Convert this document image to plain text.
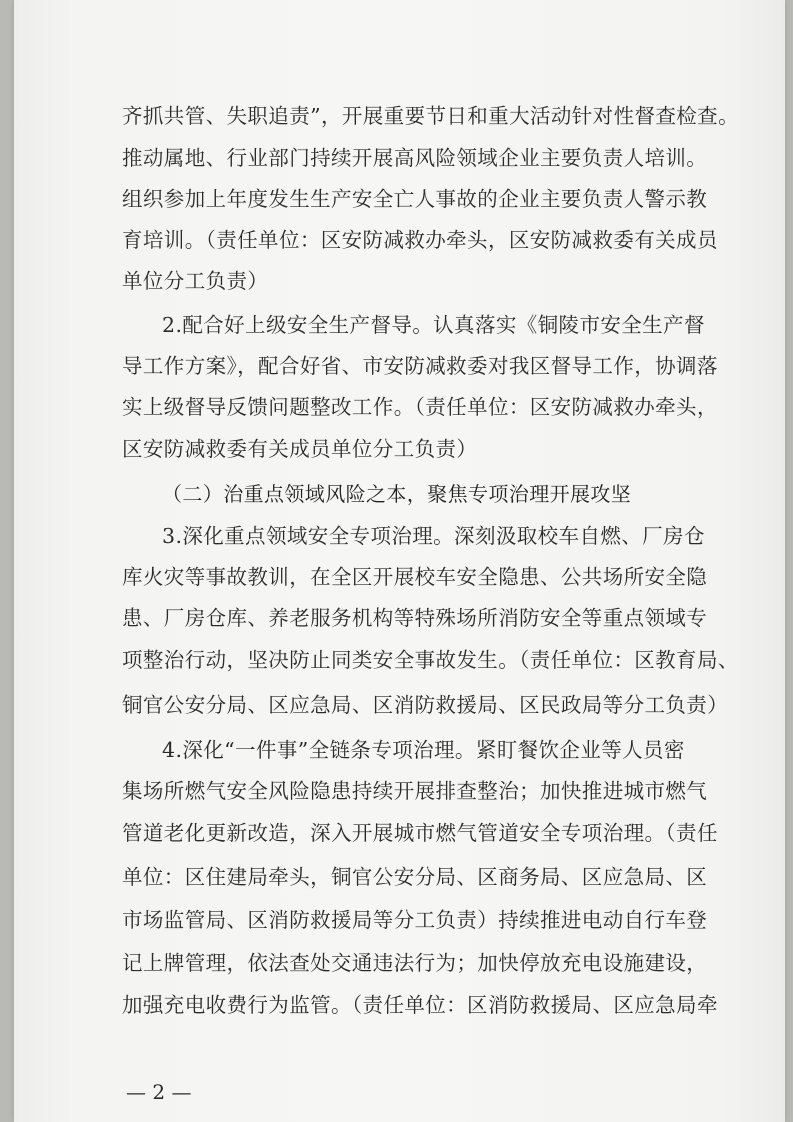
齐抓共管、失职追责”，开展重要节日和重大活动针对性督查检查。
推动属地、行业部门持续开展高风险领域企业主要负责人培训。
组织参加上年度发生生产安全亡人事故的企业主要负责人警示教
育培训。（责任单位：区安防减救办牵头，区安防减救委有关成员
单位分工负责）
2.配合好上级安全生产督导。认真落实《铜陵市安全生产督
导工作方案》，配合好省、市安防减救委对我区督导工作，协调落
实上级督导反馈问题整改工作。（责任单位：区安防减救办牵头，
区安防减救委有关成员单位分工负责）
（二）治重点领域风险之本，聚焦专项治理开展攻坚
3.深化重点领域安全专项治理。深刻汲取校车自燃、厂房仓
库火灾等事故教训，在全区开展校车安全隐患、公共场所安全隐
患、厂房仓库、养老服务机构等特殊场所消防安全等重点领域专
项整治行动，坚决防止同类安全事故发生。（责任单位：区教育局、
铜官公安分局、区应急局、区消防救援局、区民政局等分工负责）
4.深化“一件事”全链条专项治理。紧盯餐饮企业等人员密
集场所燃气安全风险隐患持续开展排查整治；加快推进城市燃气
管道老化更新改造，深入开展城市燃气管道安全专项治理。（责任
单位：区住建局牵头，铜官公安分局、区商务局、区应急局、区
市场监管局、区消防救援局等分工负责）持续推进电动自行车登
记上牌管理，依法查处交通违法行为；加快停放充电设施建设，
加强充电收费行为监管。（责任单位：区消防救援局、区应急局牵
— 2 —
